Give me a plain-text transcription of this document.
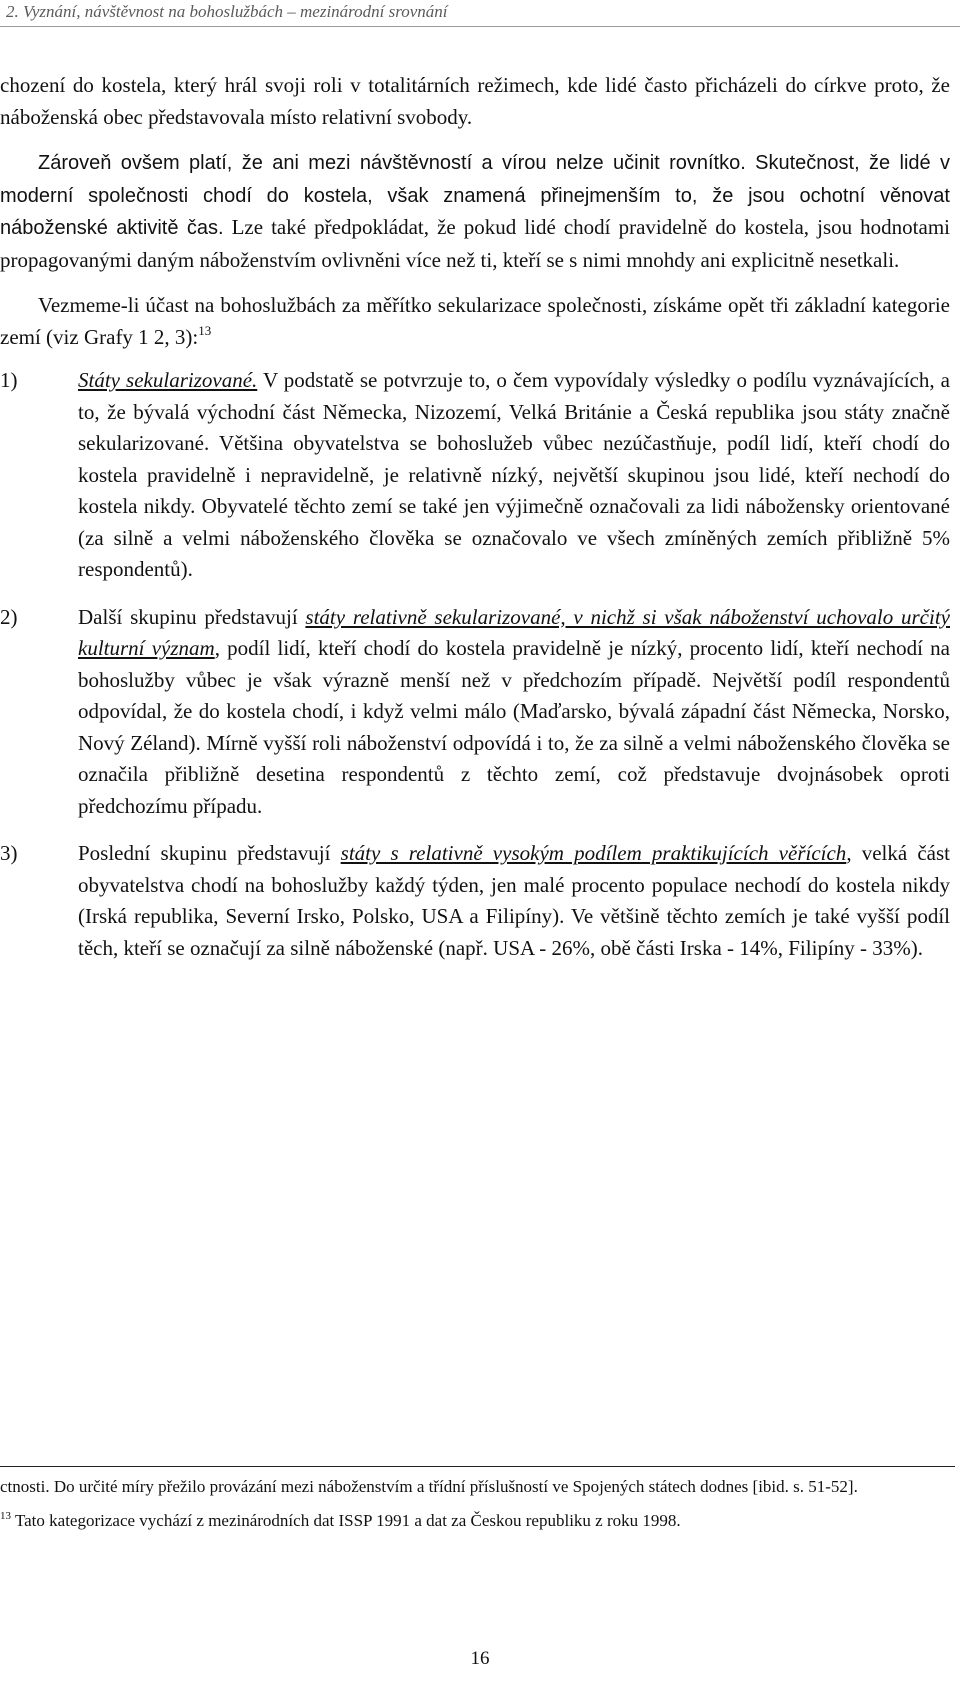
2. Vyznání, návštěvnost na bohoslužbách – mezinárodní srovnání

chození do kostela, který hrál svoji roli v totalitárních režimech, kde lidé často přicházeli do církve proto, že náboženská obec představovala místo relativní svobody.

Zároveň ovšem platí, že ani mezi návštěvností a vírou nelze učinit rovnítko. Skutečnost, že lidé v moderní společnosti chodí do kostela, však znamená přinejmenším to, že jsou ochotní věnovat náboženské aktivitě čas. Lze také předpokládat, že pokud lidé chodí pravidelně do kostela, jsou hodnotami propagovanými daným náboženstvím ovlivněni více než ti, kteří se s nimi mnohdy ani explicitně nesetkali.

Vezmeme-li účast na bohoslužbách za měřítko sekularizace společnosti, získáme opět tři základní kategorie zemí (viz Grafy 1 2, 3):$^{13}$

1)	Státy sekularizované. V podstatě se potvrzuje to, o čem vypovídaly výsledky o podílu vyznávajících, a to, že bývalá východní část Německa, Nizozemí, Velká Británie a Česká republika jsou státy značně sekularizované. Většina obyvatelstva se bohoslužeb vůbec nezúčastňuje, podíl lidí, kteří chodí do kostela pravidelně i nepravidelně, je relativně nízký, největší skupinou jsou lidé, kteří nechodí do kostela nikdy. Obyvatelé těchto zemí se také jen výjimečně označovali za lidi nábožensky orientované (za silně a velmi náboženského člověka se označovalo ve všech zmíněných zemích přibližně 5% respondentů).
2)	Další skupinu představují státy relativně sekularizované, v nichž si však náboženství uchovalo určitý kulturní význam, podíl lidí, kteří chodí do kostela pravidelně je nízký, procento lidí, kteří nechodí na bohoslužby vůbec je však výrazně menší než v předchozím případě. Největší podíl respondentů odpovídal, že do kostela chodí, i když velmi málo (Maďarsko, bývalá západní část Německa, Norsko, Nový Zéland). Mírně vyšší roli náboženství odpovídá i to, že za silně a velmi náboženského člověka se označila přibližně desetina respondentů z těchto zemí, což představuje dvojnásobek oproti předchozímu případu.
3)	Poslední skupinu představují státy s relativně vysokým podílem praktikujících věřících, velká část obyvatelstva chodí na bohoslužby každý týden, jen malé procento populace nechodí do kostela nikdy (Irská republika, Severní Irsko, Polsko, USA a Filipíny). Ve většině těchto zemích je také vyšší podíl těch, kteří se označují za silně náboženské (např. USA - 26%, obě části Irska - 14%, Filipíny - 33%).

ctnosti. Do určité míry přežilo provázání mezi náboženstvím a třídní příslušností ve Spojených státech dodnes [ibid. s. 51-52].

$^{13}$ Tato kategorizace vychází z mezinárodních dat ISSP 1991 a dat za Českou republiku z roku 1998.

16
